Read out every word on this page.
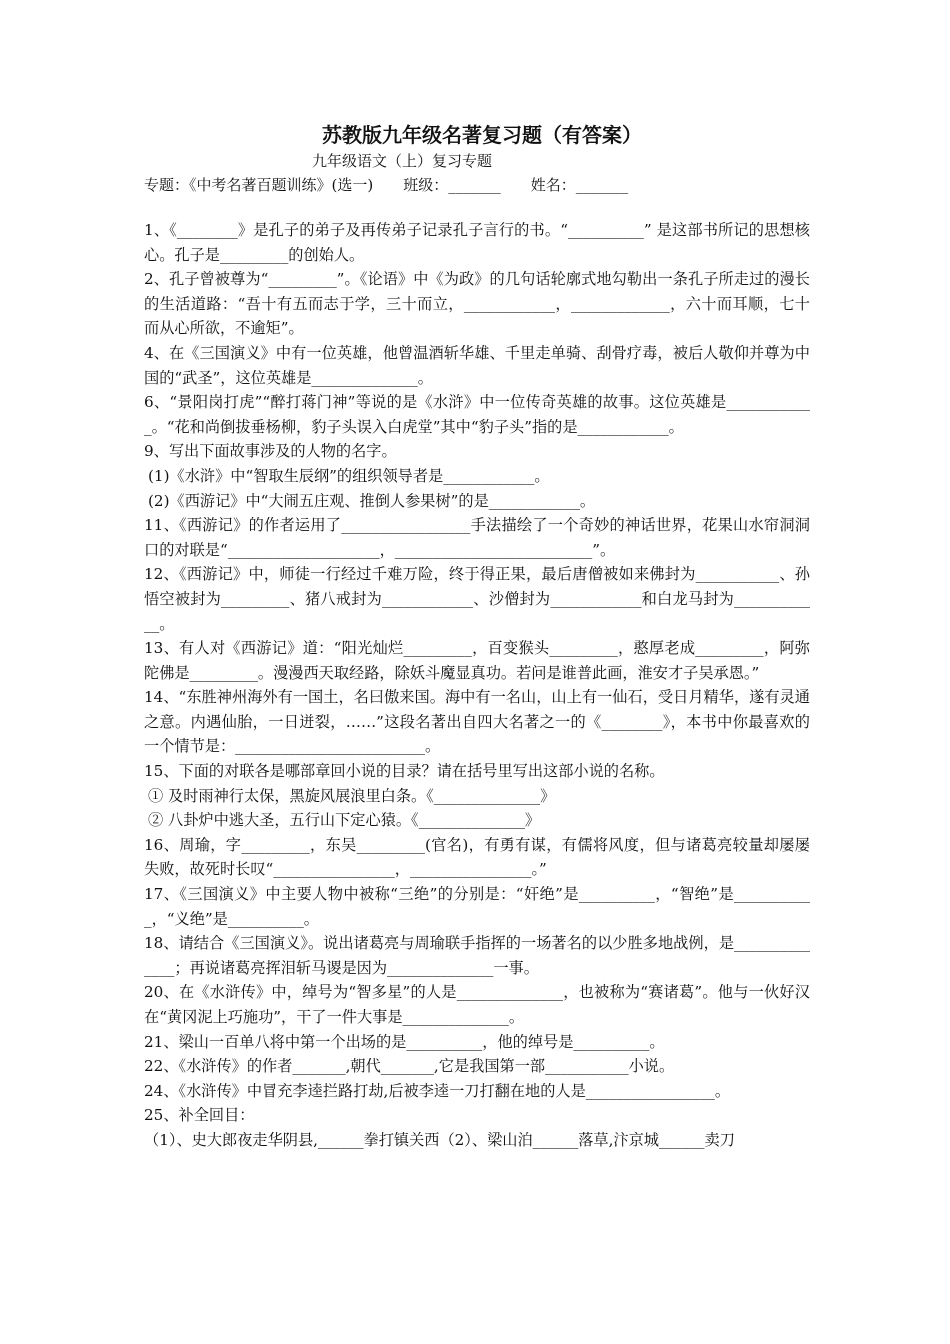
苏教版九年级名著复习题（有答案）

九年级语文（上）复习专题

专题：《中考名著百题训练》(选一)　　班级：_______　　姓名：_______

1、《________》是孔子的弟子及再传弟子记录孔子言行的书。“__________” 是这部书所记的思想核心。孔子是_________的创始人。

2、孔子曾被尊为“_________”。《论语》中《为政》的几句话轮廓式地勾勒出一条孔子所走过的漫长的生活道路：“吾十有五而志于学，三十而立，____________，_____________，六十而耳顺，七十而从心所欲，不逾矩”。

4、在《三国演义》中有一位英雄，他曾温酒斩华雄、千里走单骑、刮骨疗毒，被后人敬仰并尊为中国的“武圣”，这位英雄是______________。

6、“景阳岗打虎”“醉打蒋门神”等说的是《水浒》中一位传奇英雄的故事。这位英雄是____________。“花和尚倒拔垂杨柳，豹子头误入白虎堂”其中“豹子头”指的是____________。

9、写出下面故事涉及的人物的名字。

(1)《水浒》中“智取生辰纲”的组织领导者是____________。

(2)《西游记》中“大闹五庄观、推倒人参果树”的是____________。

11、《西游记》的作者运用了_________________手法描绘了一个奇妙的神话世界，花果山水帘洞洞口的对联是“____________________，__________________________”。

12、《西游记》中，师徒一行经过千难万险，终于得正果，最后唐僧被如来佛封为___________、孙悟空被封为_________、猪八戒封为____________、沙僧封为____________和白龙马封为____________。

13、有人对《西游记》道：“阳光灿烂_________，百变猴头_________，憨厚老成_________，阿弥陀佛是_________。漫漫西天取经路，除妖斗魔显真功。若问是谁普此画，淮安才子吴承恩。”

14、“东胜神州海外有一国土，名曰傲来国。海中有一名山，山上有一仙石，受日月精华，遂有灵通之意。内遇仙胎，一日迸裂，……”这段名著出自四大名著之一的《________》，本书中你最喜欢的一个情节是：_________________________。

15、下面的对联各是哪部章回小说的目录？请在括号里写出这部小说的名称。

① 及时雨神行太保，黑旋风展浪里白条。《______________》

② 八卦炉中逃大圣，五行山下定心猿。《______________》

16、周瑜，字_________，东吴_________(官名)，有勇有谋，有儒将风度，但与诸葛亮较量却屡屡失败，故死时长叹“________________，________________。”

17、《三国演义》中主要人物中被称“三绝”的分别是：“奸绝”是__________，“智绝”是___________，“义绝”是__________。

18、请结合《三国演义》。说出诸葛亮与周瑜联手指挥的一场著名的以少胜多地战例，是______________；再说诸葛亮挥泪斩马谡是因为______________一事。

20、在《水浒传》中，绰号为“智多星”的人是______________，也被称为“赛诸葛”。他与一伙好汉在“黄冈泥上巧施功”，干了一件大事是______________。

21、梁山一百单八将中第一个出场的是__________，他的绰号是__________。

22、《水浒传》的作者_______,朝代_______,它是我国第一部___________小说。

24、《水浒传》中冒充李逵拦路打劫,后被李逵一刀打翻在地的人是_________________。

25、补全回目：

（1）、史大郎夜走华阴县,______拳打镇关西（2）、梁山泊______落草,汴京城______卖刀
